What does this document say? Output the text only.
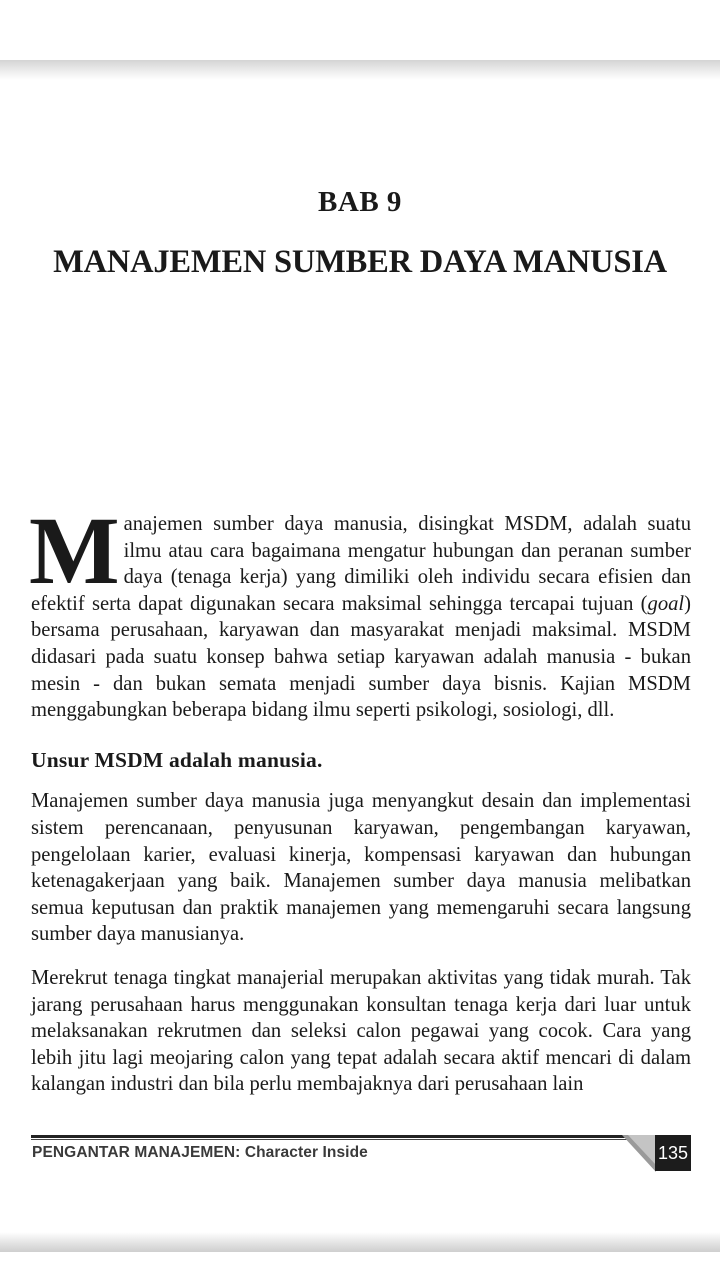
BAB 9
MANAJEMEN SUMBER DAYA MANUSIA

Manajemen sumber daya manusia, disingkat MSDM, adalah suatu ilmu atau cara bagaimana mengatur hubungan dan peranan sumber daya (tenaga kerja) yang dimiliki oleh individu secara efisien dan efektif serta dapat digunakan secara maksimal sehingga tercapai tujuan (goal) bersama perusahaan, karyawan dan masyarakat menjadi maksimal. MSDM didasari pada suatu konsep bahwa setiap karyawan adalah manusia - bukan mesin - dan bukan semata menjadi sumber daya bisnis. Kajian MSDM menggabungkan beberapa bidang ilmu seperti psikologi, sosiologi, dll.

Unsur MSDM adalah manusia.

Manajemen sumber daya manusia juga menyangkut desain dan implementasi sistem perencanaan, penyusunan karyawan, pengembangan karyawan, pengelolaan karier, evaluasi kinerja, kompensasi karyawan dan hubungan ketenagakerjaan yang baik. Manajemen sumber daya manusia melibatkan semua keputusan dan praktik manajemen yang memengaruhi secara langsung sumber daya manusianya.

Merekrut tenaga tingkat manajerial merupakan aktivitas yang tidak murah. Tak jarang perusahaan harus menggunakan konsultan tenaga kerja dari luar untuk melaksanakan rekrutmen dan seleksi calon pegawai yang cocok. Cara yang lebih jitu lagi meojaring calon yang tepat adalah secara aktif mencari di dalam kalangan industri dan bila perlu membajaknya dari perusahaan lain

PENGANTAR MANAJEMEN: Character Inside	135
